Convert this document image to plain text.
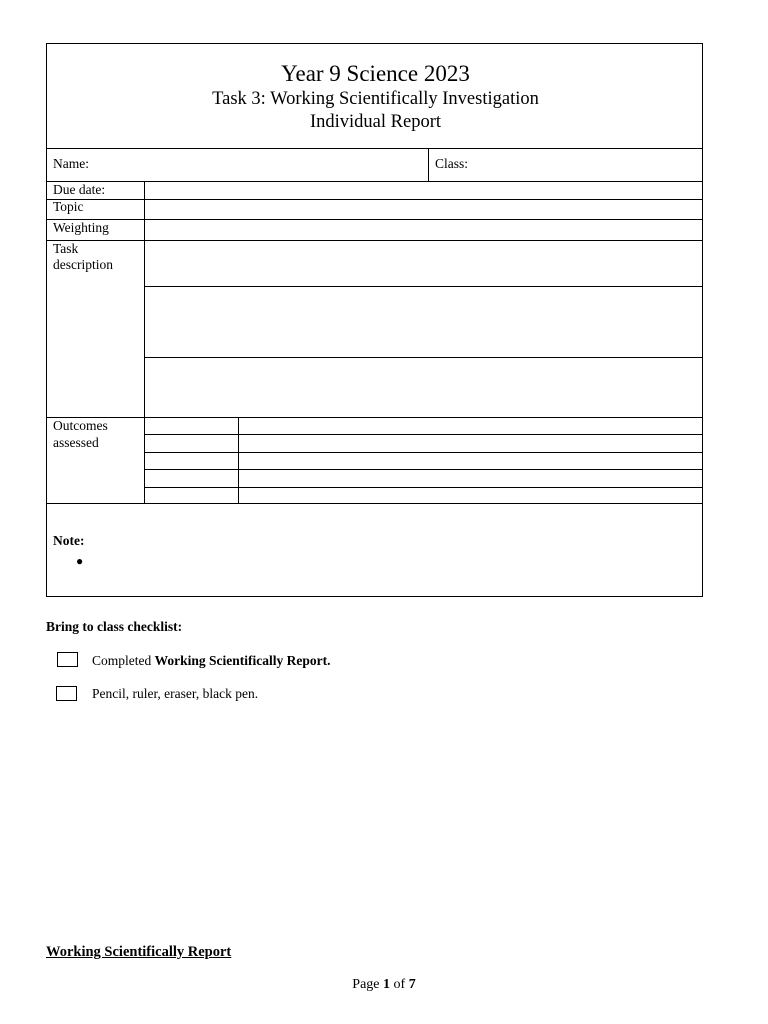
Year 9 Science 2023
Task 3: Working Scientifically Investigation
Individual Report
Name:	Class:
Due date:
Topic
Weighting
Task
description
Outcomes
assessed
Note:
●
Bring to class checklist:
Completed Working Scientifically Report.
Pencil, ruler, eraser, black pen.
Working Scientifically Report
Page 1 of 7
